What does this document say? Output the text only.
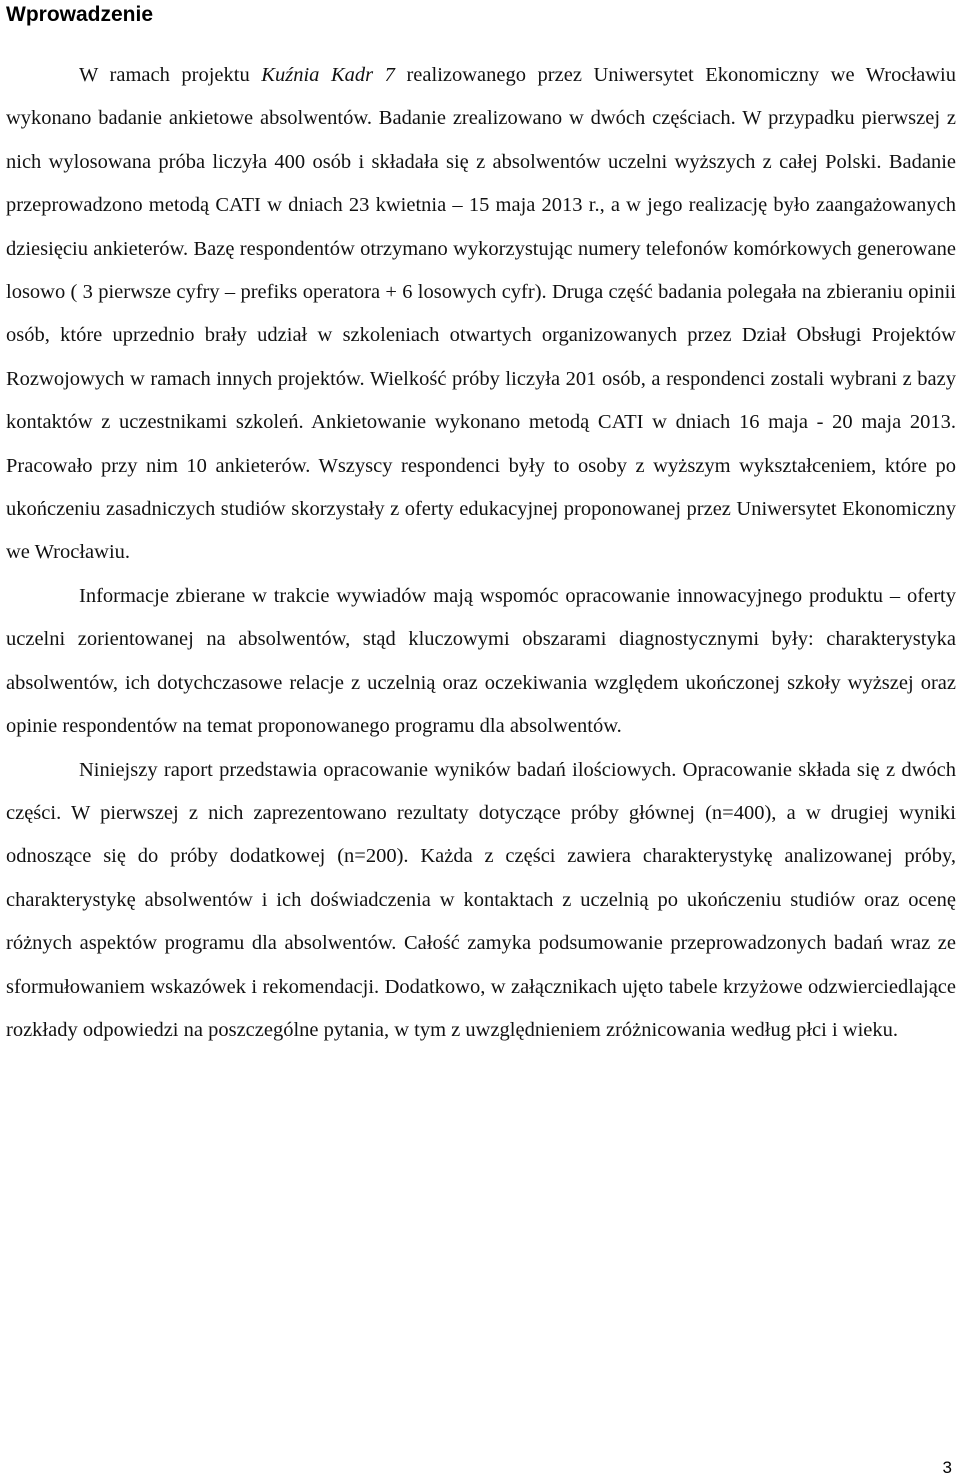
Wprowadzenie

W ramach projektu Kuźnia Kadr 7 realizowanego przez Uniwersytet Ekonomiczny we Wrocławiu wykonano badanie ankietowe absolwentów. Badanie zrealizowano w dwóch częściach. W przypadku pierwszej z nich wylosowana próba liczyła 400 osób i składała się z absolwentów uczelni wyższych z całej Polski. Badanie przeprowadzono metodą CATI w dniach 23 kwietnia – 15 maja 2013 r., a w jego realizację było zaangażowanych dziesięciu ankieterów. Bazę respondentów otrzymano wykorzystując numery telefonów komórkowych generowane losowo ( 3 pierwsze cyfry – prefiks operatora + 6 losowych cyfr). Druga część badania polegała na zbieraniu opinii osób, które uprzednio brały udział w szkoleniach otwartych organizowanych przez Dział Obsługi Projektów Rozwojowych w ramach innych projektów. Wielkość próby liczyła 201 osób, a respondenci zostali wybrani z bazy kontaktów z uczestnikami szkoleń. Ankietowanie wykonano metodą CATI w dniach 16 maja - 20 maja 2013. Pracowało przy nim 10 ankieterów. Wszyscy respondenci były to osoby z wyższym wykształceniem, które po ukończeniu zasadniczych studiów skorzystały z oferty edukacyjnej proponowanej przez Uniwersytet Ekonomiczny we Wrocławiu.

Informacje zbierane w trakcie wywiadów mają wspomóc opracowanie innowacyjnego produktu – oferty uczelni zorientowanej na absolwentów, stąd kluczowymi obszarami diagnostycznymi były: charakterystyka absolwentów, ich dotychczasowe relacje z uczelnią oraz oczekiwania względem ukończonej szkoły wyższej oraz opinie respondentów na temat proponowanego programu dla absolwentów.

Niniejszy raport przedstawia opracowanie wyników badań ilościowych. Opracowanie składa się z dwóch części. W pierwszej z nich zaprezentowano rezultaty dotyczące próby głównej (n=400), a w drugiej wyniki odnoszące się do próby dodatkowej (n=200). Każda z części zawiera charakterystykę analizowanej próby, charakterystykę absolwentów i ich doświadczenia w kontaktach z uczelnią po ukończeniu studiów oraz ocenę różnych aspektów programu dla absolwentów. Całość zamyka podsumowanie przeprowadzonych badań wraz ze sformułowaniem wskazówek i rekomendacji. Dodatkowo, w załącznikach ujęto tabele krzyżowe odzwierciedlające rozkłady odpowiedzi na poszczególne pytania, w tym z uwzględnieniem zróżnicowania według płci i wieku.

3
